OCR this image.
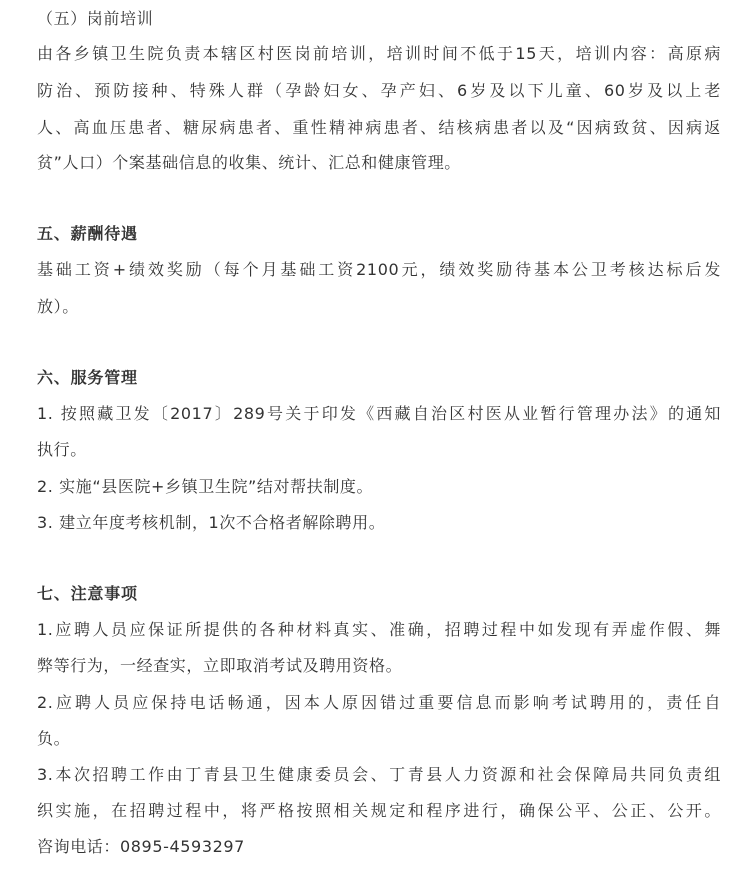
（五）岗前培训
由各乡镇卫生院负责本辖区村医岗前培训，培训时间不低于15天，培训内容：高原病
防治、预防接种、特殊人群（孕龄妇女、孕产妇、6岁及以下儿童、60岁及以上老
人、高血压患者、糖尿病患者、重性精神病患者、结核病患者以及“因病致贫、因病返
贫”人口）个案基础信息的收集、统计、汇总和健康管理。
五、薪酬待遇
基础工资+绩效奖励（每个月基础工资2100元，绩效奖励待基本公卫考核达标后发
放）。
六、服务管理
1. 按照藏卫发〔2017〕289号关于印发《西藏自治区村医从业暂行管理办法》的通知
执行。
2. 实施“县医院+乡镇卫生院”结对帮扶制度。
3. 建立年度考核机制，1次不合格者解除聘用。
七、注意事项
1.应聘人员应保证所提供的各种材料真实、准确，招聘过程中如发现有弄虚作假、舞
弊等行为，一经查实，立即取消考试及聘用资格。
2.应聘人员应保持电话畅通，因本人原因错过重要信息而影响考试聘用的，责任自
负。
3.本次招聘工作由丁青县卫生健康委员会、丁青县人力资源和社会保障局共同负责组
织实施，在招聘过程中，将严格按照相关规定和程序进行，确保公平、公正、公开。
咨询电话：0895-4593297
